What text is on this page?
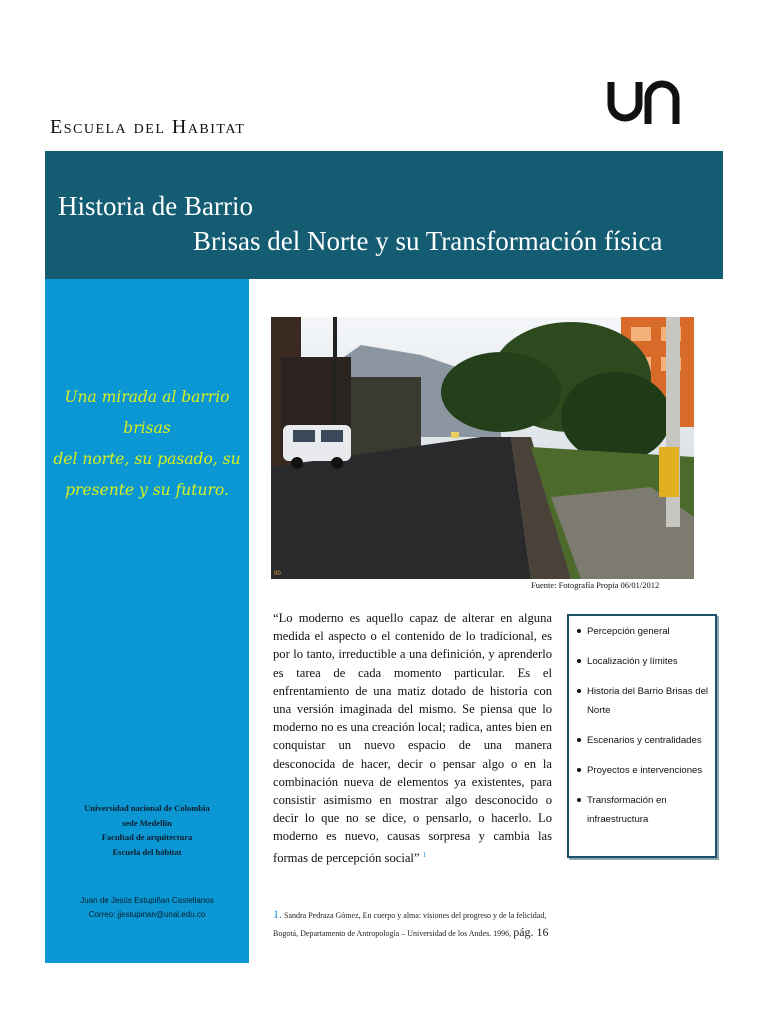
Escuela del Habitat
Historia de Barrio
Brisas del Norte y su Transformación física
Una mirada al barrio brisas
del norte, su pasado, su
presente y su futuro.
Universidad nacional de Colombia
sede Medellín
Facultad de arquitectura
Escuela del hábitat
Juan de Jesús Estupiñan Castellanos
Correo: jjestupinan@unal.edu.co
00
Fuente: Fotografía Propia 06/01/2012
“Lo moderno es aquello capaz de alterar en alguna medida el aspecto o el contenido de lo tradicional, es por lo tanto, irreductible a una definición, y aprenderlo es tarea de cada momento particular. Es el enfrentamiento de una matiz dotado de historia con una versión imaginada del mismo. Se piensa que lo moderno no es una creación local; radica, antes bien en conquistar un nuevo espacio de una manera desconocida de hacer, decir o pensar algo o en la combinación nueva de elementos ya existentes, para consistir asimismo en mostrar algo desconocido o decir lo que no se dice, o pensarlo, o hacerlo. Lo moderno es nuevo, causas sorpresa y cambia las formas de percepción social” $^1$
1. Sandra Pedraza Gómez, En cuerpo y alma: visiones del progreso y de la felicidad, Bogotá, Departamento de Antropología – Universidad de los Andes. 1996, pág. 16
Percepción general
Localización y límites
Historia del Barrio Brisas del Norte
Escenarios y centralidades
Proyectos e intervenciones
Transformación en infraestructura
